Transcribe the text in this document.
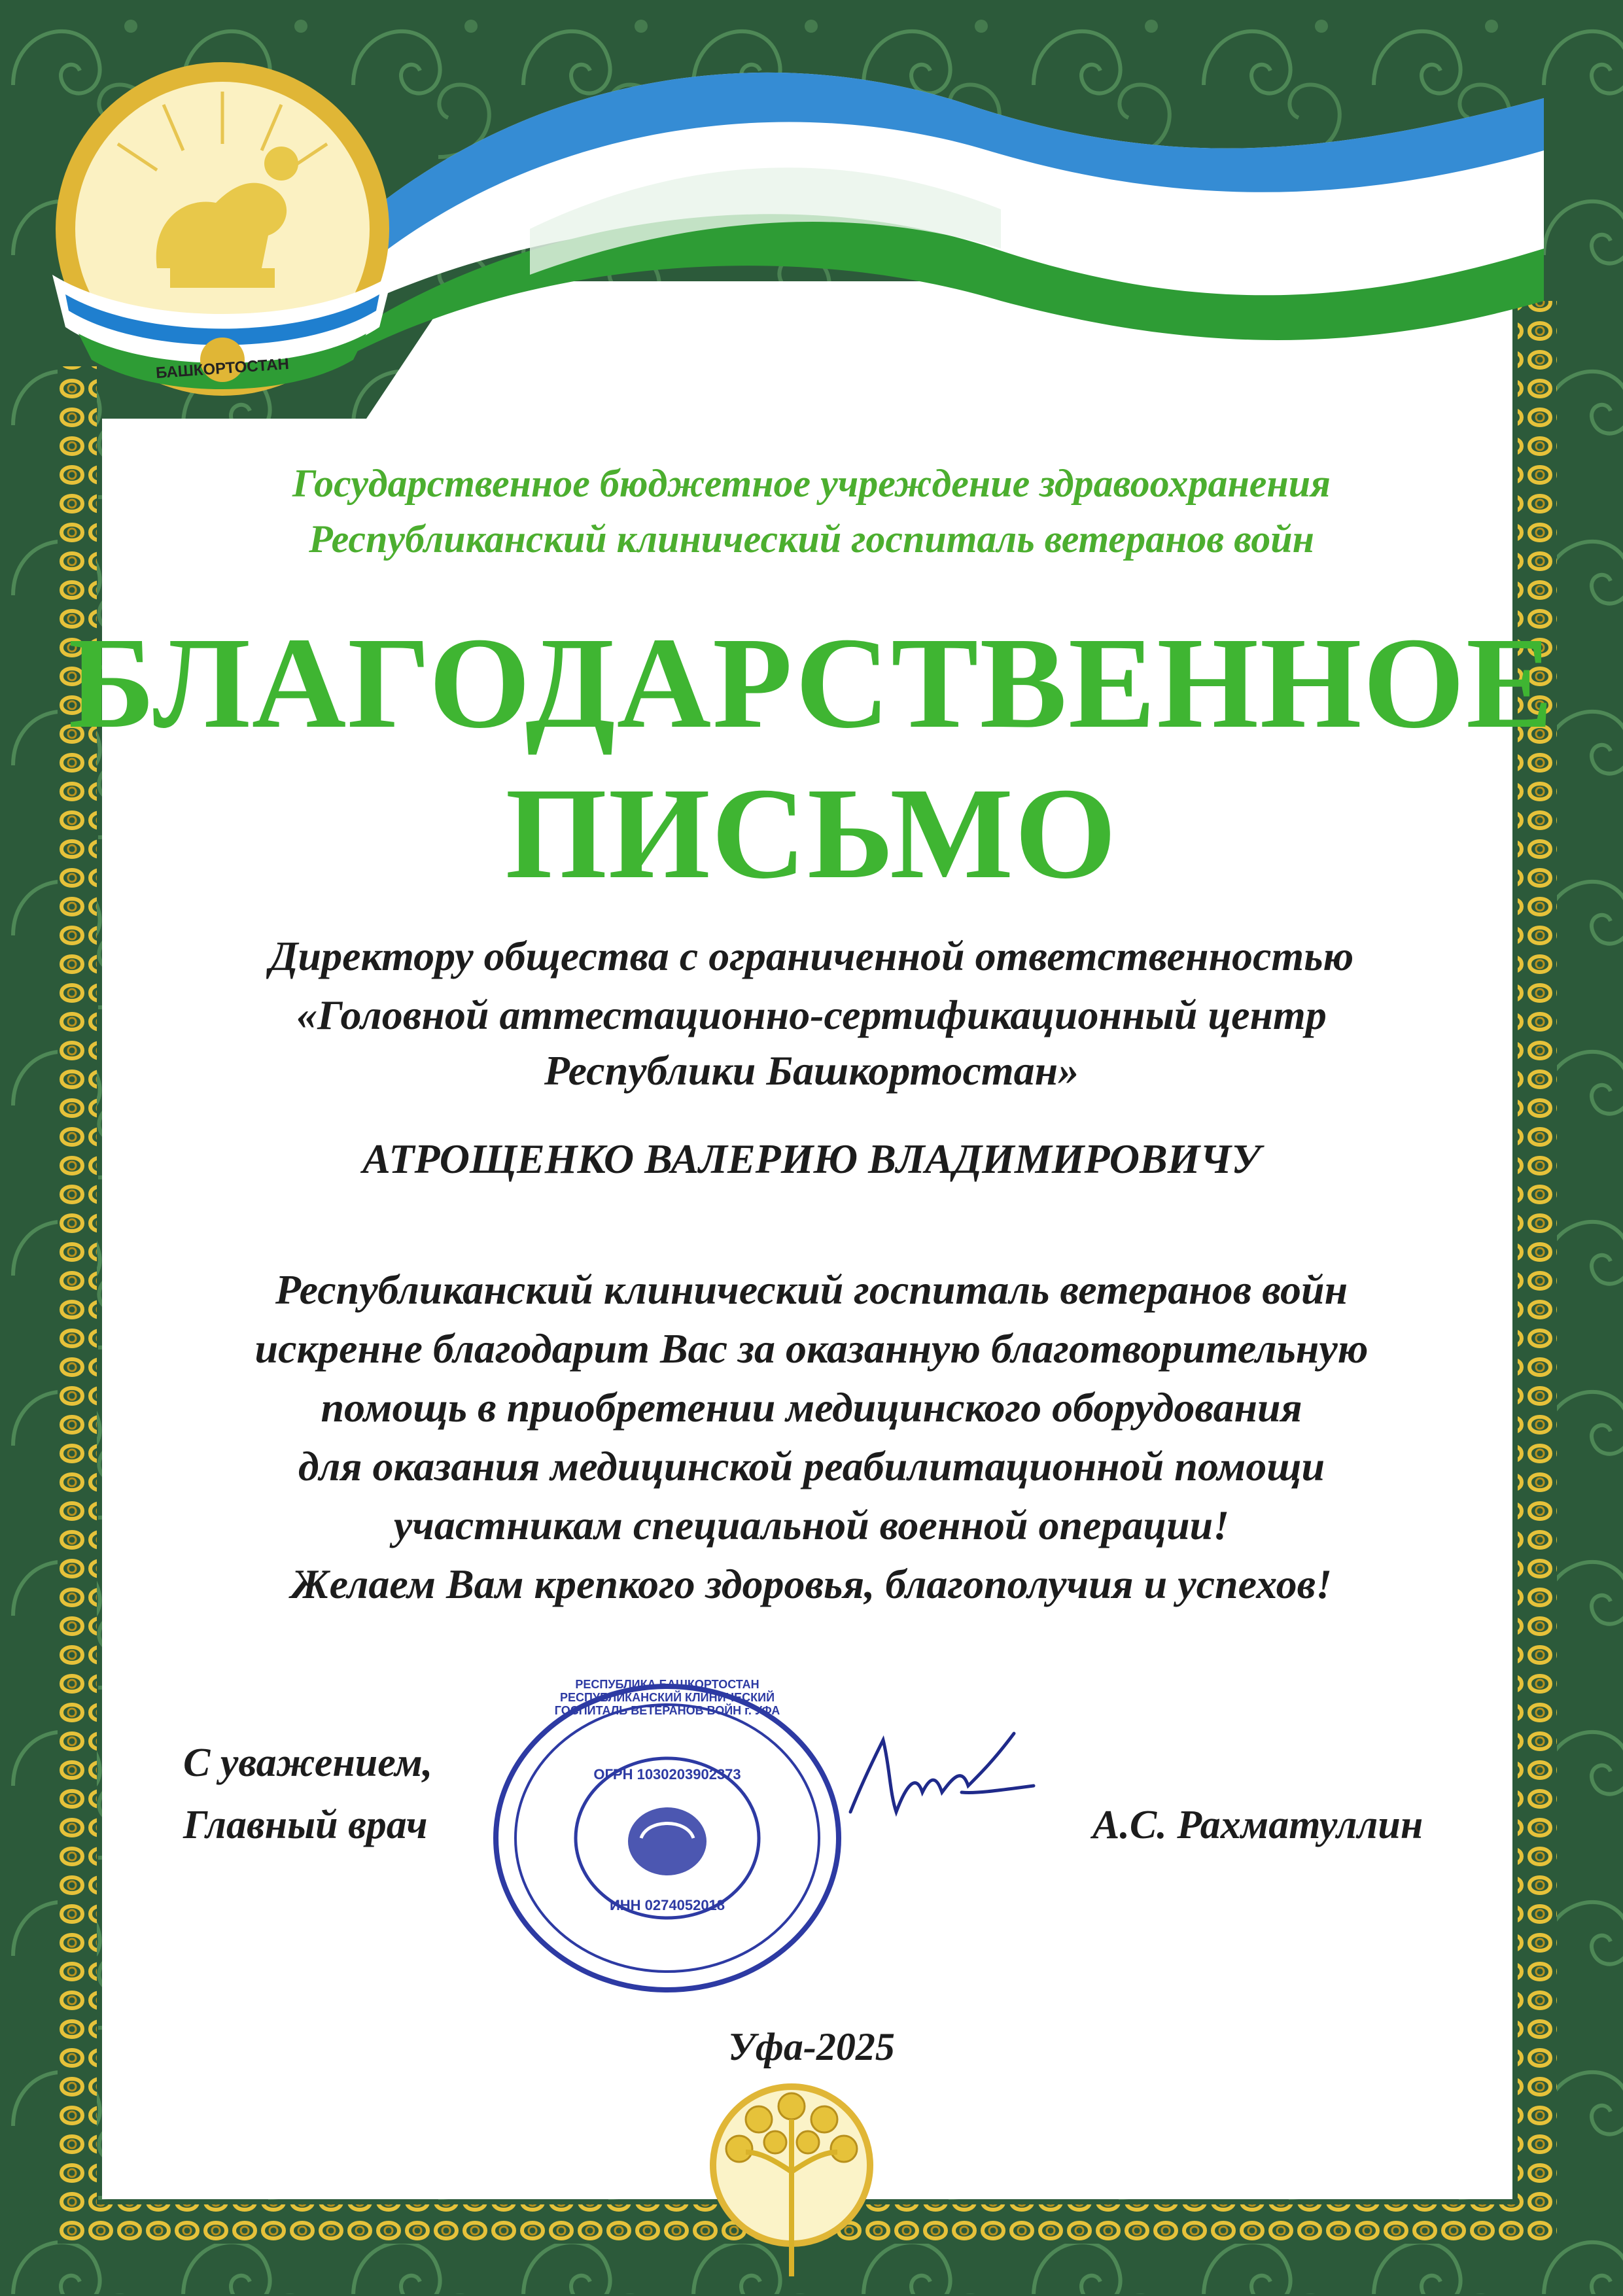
БАШКОРТОСТАН
Государственное бюджетное учреждение здравоохранения
Республиканский клинический госпиталь ветеранов войн
БЛАГОДАРСТВЕННОЕ
ПИСЬМО
Директору общества с ограниченной ответственностью
«Головной аттестационно-сертификационный центр
Республики Башкортостан»
АТРОЩЕНКО ВАЛЕРИЮ ВЛАДИМИРОВИЧУ
Республиканский клинический госпиталь ветеранов войн
искренне благодарит Вас за оказанную благотворительную
помощь в приобретении медицинского оборудования
для оказания медицинской реабилитационной помощи
участникам специальной военной операции!
Желаем Вам крепкого здоровья, благополучия и успехов!
С уважением,
Главный врач	А.С. Рахматуллин
РЕСПУБЛИКА БАШКОРТОСТАН РЕСПУБЛИКАНСКИЙ КЛИНИЧЕСКИЙ ГОСПИТАЛЬ ВЕТЕРАНОВ ВОЙН г. УФА
ОГРН 1030203902373
ИНН 0274052018
Уфа-2025
